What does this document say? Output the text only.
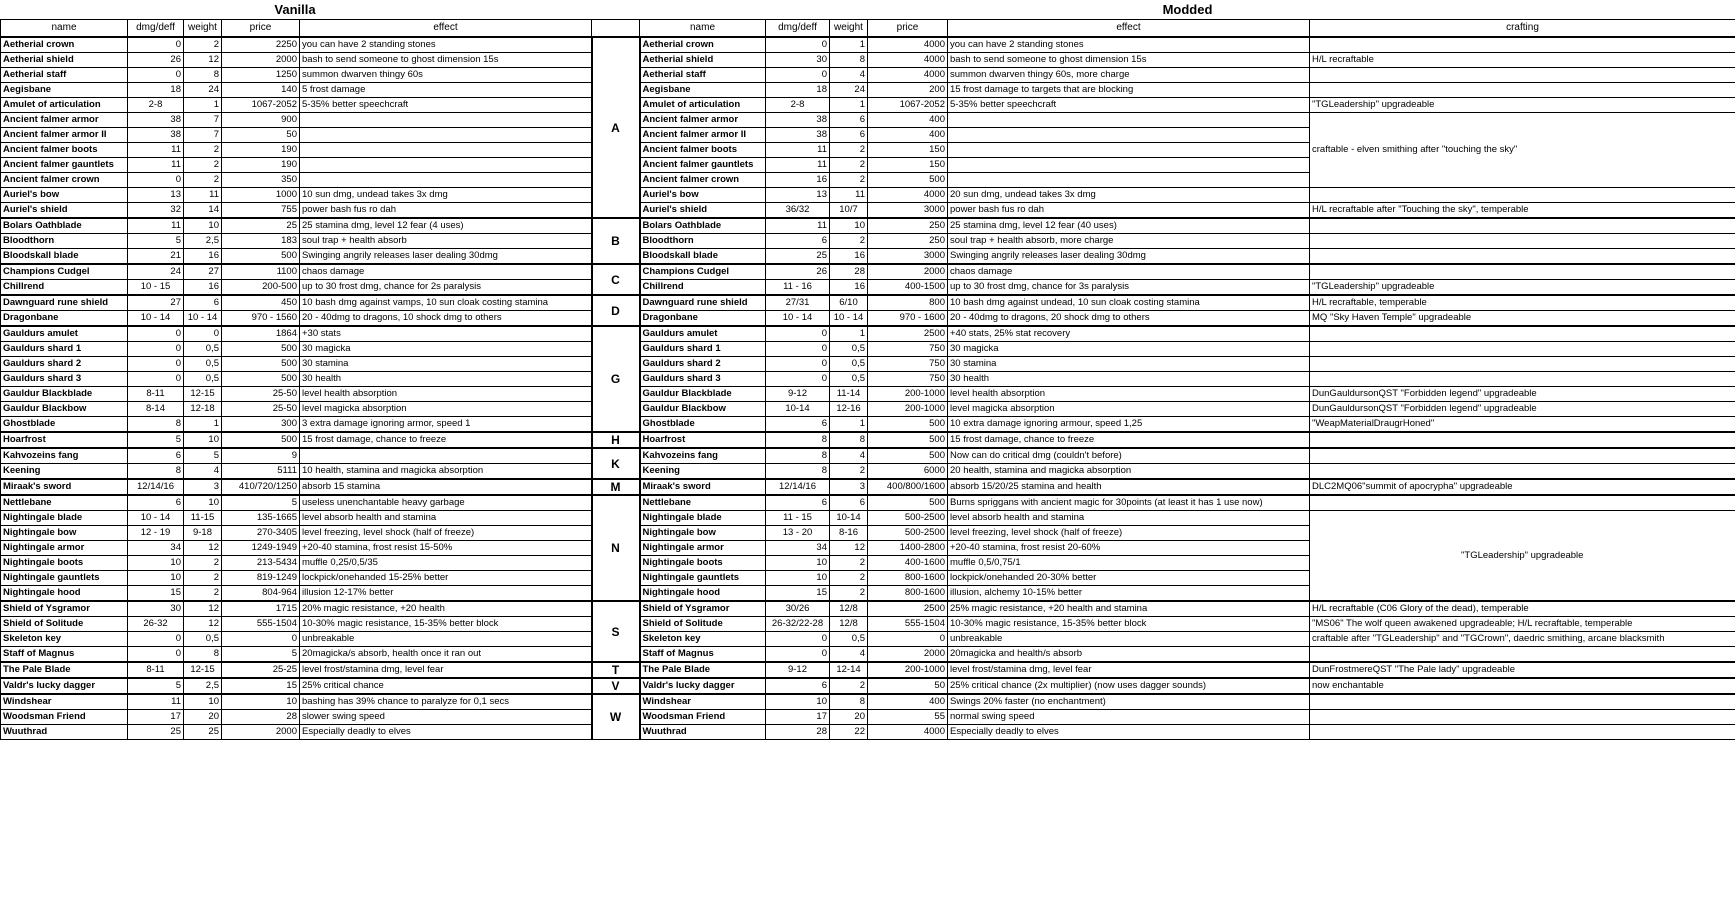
Vanilla	Modded
name	dmg/deff	weight	price	effect		name	dmg/deff	weight	price	effect	crafting
Aetherial crown	0	2	2250	you can have 2 standing stones	A	Aetherial crown	0	1	4000	you can have 2 standing stones	
Aetherial shield	26	12	2000	bash to send someone to ghost dimension 15s		Aetherial shield	30	8	4000	bash to send someone to ghost dimension 15s	H/L recraftable
Aetherial staff	0	8	1250	summon dwarven thingy 60s		Aetherial staff	0	4	4000	summon dwarven thingy 60s, more charge	
Aegisbane	18	24	140	5 frost damage		Aegisbane	18	24	200	15 frost damage to targets that are blocking	
Amulet of articulation	2-8	1	1067-2052	5-35% better speechcraft		Amulet of articulation	2-8	1	1067-2052	5-35% better speechcraft	"TGLeadership" upgradeable
Ancient falmer armor	38	7	900			Ancient falmer armor	38	6	400		craftable - elven smithing after "touching the sky"
Ancient falmer armor II	38	7	50			Ancient falmer armor II	38	6	400		
Ancient falmer boots	11	2	190			Ancient falmer boots	11	2	150		
Ancient falmer gauntlets	11	2	190			Ancient falmer gauntlets	11	2	150		
Ancient falmer crown	0	2	350			Ancient falmer crown	16	2	500		
Auriel's bow	13	11	1000	10 sun dmg, undead takes 3x dmg		Auriel's bow	13	11	4000	20 sun dmg, undead takes 3x dmg	
Auriel's shield	32	14	755	power bash fus ro dah		Auriel's shield	36/32	10/7	3000	power bash fus ro dah	H/L recraftable after "Touching the sky", temperable
Bolars Oathblade	11	10	25	25 stamina dmg, level 12 fear (4 uses)	B	Bolars Oathblade	11	10	250	25 stamina dmg, level 12 fear (40 uses)	
Bloodthorn	5	2,5	183	soul trap + health absorb		Bloodthorn	6	2	250	soul trap + health absorb, more charge	
Bloodskall blade	21	16	500	Swinging angrily releases laser dealing 30dmg		Bloodskall blade	25	16	3000	Swinging angrily releases laser dealing 30dmg	
Champions Cudgel	24	27	1100	chaos damage	C	Champions Cudgel	26	28	2000	chaos damage	
Chillrend	10 - 15	16	200-500	up to 30 frost dmg, chance for 2s paralysis		Chillrend	11 - 16	16	400-1500	up to 30 frost dmg, chance for 3s paralysis	"TGLeadership" upgradeable
Dawnguard rune shield	27	6	450	10 bash dmg against vamps, 10 sun cloak costing stamina	D	Dawnguard rune shield	27/31	6/10	800	10 bash dmg against undead, 10 sun cloak costing stamina	H/L recraftable, temperable
Dragonbane	10 - 14	10 - 14	970 - 1560	20 - 40dmg to dragons, 10 shock dmg to others		Dragonbane	10 - 14	10 - 14	970 - 1600	20 - 40dmg to dragons, 20 shock dmg to others	MQ "Sky Haven Temple" upgradeable
Gauldurs amulet	0	0	1864	+30 stats	G	Gauldurs amulet	0	1	2500	+40 stats, 25% stat recovery	
Gauldurs shard 1	0	0,5	500	30 magicka		Gauldurs shard 1	0	0,5	750	30 magicka	
Gauldurs shard 2	0	0,5	500	30 stamina		Gauldurs shard 2	0	0,5	750	30 stamina	
Gauldurs shard 3	0	0,5	500	30 health		Gauldurs shard 3	0	0,5	750	30 health	
Gauldur Blackblade	8-11	12-15	25-50	level health absorption		Gauldur Blackblade	9-12	11-14	200-1000	level health absorption	DunGauldursonQST "Forbidden legend" upgradeable
Gauldur Blackbow	8-14	12-18	25-50	level magicka absorption		Gauldur Blackbow	10-14	12-16	200-1000	level magicka absorption	DunGauldursonQST "Forbidden legend" upgradeable
Ghostblade	8	1	300	3 extra damage ignoring armor, speed 1		Ghostblade	6	1	500	10 extra damage ignoring armour, speed 1,25	"WeapMaterialDraugrHoned"
Hoarfrost	5	10	500	15 frost damage, chance to freeze	H	Hoarfrost	8	8	500	15 frost damage, chance to freeze	
Kahvozeins fang	6	5	9		K	Kahvozeins fang	8	4	500	Now can do critical dmg (couldn't before)	
Keening	8	4	5111	10 health, stamina and magicka absorption		Keening	8	2	6000	20 health, stamina and magicka absorption	
Miraak's sword	12/14/16	3	410/720/1250	absorb 15 stamina	M	Miraak's sword	12/14/16	3	400/800/1600	absorb 15/20/25 stamina and health	DLC2MQ06"summit of apocrypha" upgradeable
Nettlebane	6	10	5	useless unenchantable heavy garbage	N	Nettlebane	6	6	500	Burns spriggans with ancient magic for 30points (at least it has 1 use now)	
Nightingale blade	10 - 14	11-15	135-1665	level absorb health and stamina		Nightingale blade	11 - 15	10-14	500-2500	level absorb health and stamina	"TGLeadership" upgradeable
Nightingale bow	12 - 19	9-18	270-3405	level freezing, level shock (half of freeze)		Nightingale bow	13 - 20	8-16	500-2500	level freezing, level shock (half of freeze)	
Nightingale armor	34	12	1249-1949	+20-40 stamina, frost resist 15-50%		Nightingale armor	34	12	1400-2800	+20-40 stamina, frost resist 20-60%	
Nightingale boots	10	2	213-5434	muffle 0,25/0,5/35		Nightingale boots	10	2	400-1600	muffle 0,5/0,75/1	
Nightingale gauntlets	10	2	819-1249	lockpick/onehanded 15-25% better		Nightingale gauntlets	10	2	800-1600	lockpick/onehanded 20-30% better	
Nightingale hood	15	2	804-964	illusion 12-17% better		Nightingale hood	15	2	800-1600	illusion, alchemy 10-15% better	
Shield of Ysgramor	30	12	1715	20% magic resistance, +20 health	S	Shield of Ysgramor	30/26	12/8	2500	25% magic resistance, +20 health and stamina	H/L recraftable (C06 Glory of the dead), temperable
Shield of Solitude	26-32	12	555-1504	10-30% magic resistance, 15-35% better block		Shield of Solitude	26-32/22-28	12/8	555-1504	10-30% magic resistance, 15-35% better block	"MS06" The wolf queen awakened upgradeable; H/L recraftable, temperable
Skeleton key	0	0,5	0	unbreakable		Skeleton key	0	0,5	0	unbreakable	craftable after "TGLeadership" and "TGCrown", daedric smithing, arcane blacksmith
Staff of Magnus	0	8	5	20magicka/s absorb, health once it ran out		Staff of Magnus	0	4	2000	20magicka and health/s absorb	
The Pale Blade	8-11	12-15	25-25	level frost/stamina dmg, level fear	T	The Pale Blade	9-12	12-14	200-1000	level frost/stamina dmg, level fear	DunFrostmereQST "The Pale lady" upgradeable
Valdr's lucky dagger	5	2,5	15	25% critical chance	V	Valdr's lucky dagger	6	2	50	25% critical chance (2x multiplier) (now uses dagger sounds)	now enchantable
Windshear	11	10	10	bashing has 39% chance to paralyze for 0,1 secs	W	Windshear	10	8	400	Swings 20% faster (no enchantment)	
Woodsman Friend	17	20	28	slower swing speed		Woodsman Friend	17	20	55	normal swing speed	
Wuuthrad	25	25	2000	Especially deadly to elves		Wuuthrad	28	22	4000	Especially deadly to elves	
